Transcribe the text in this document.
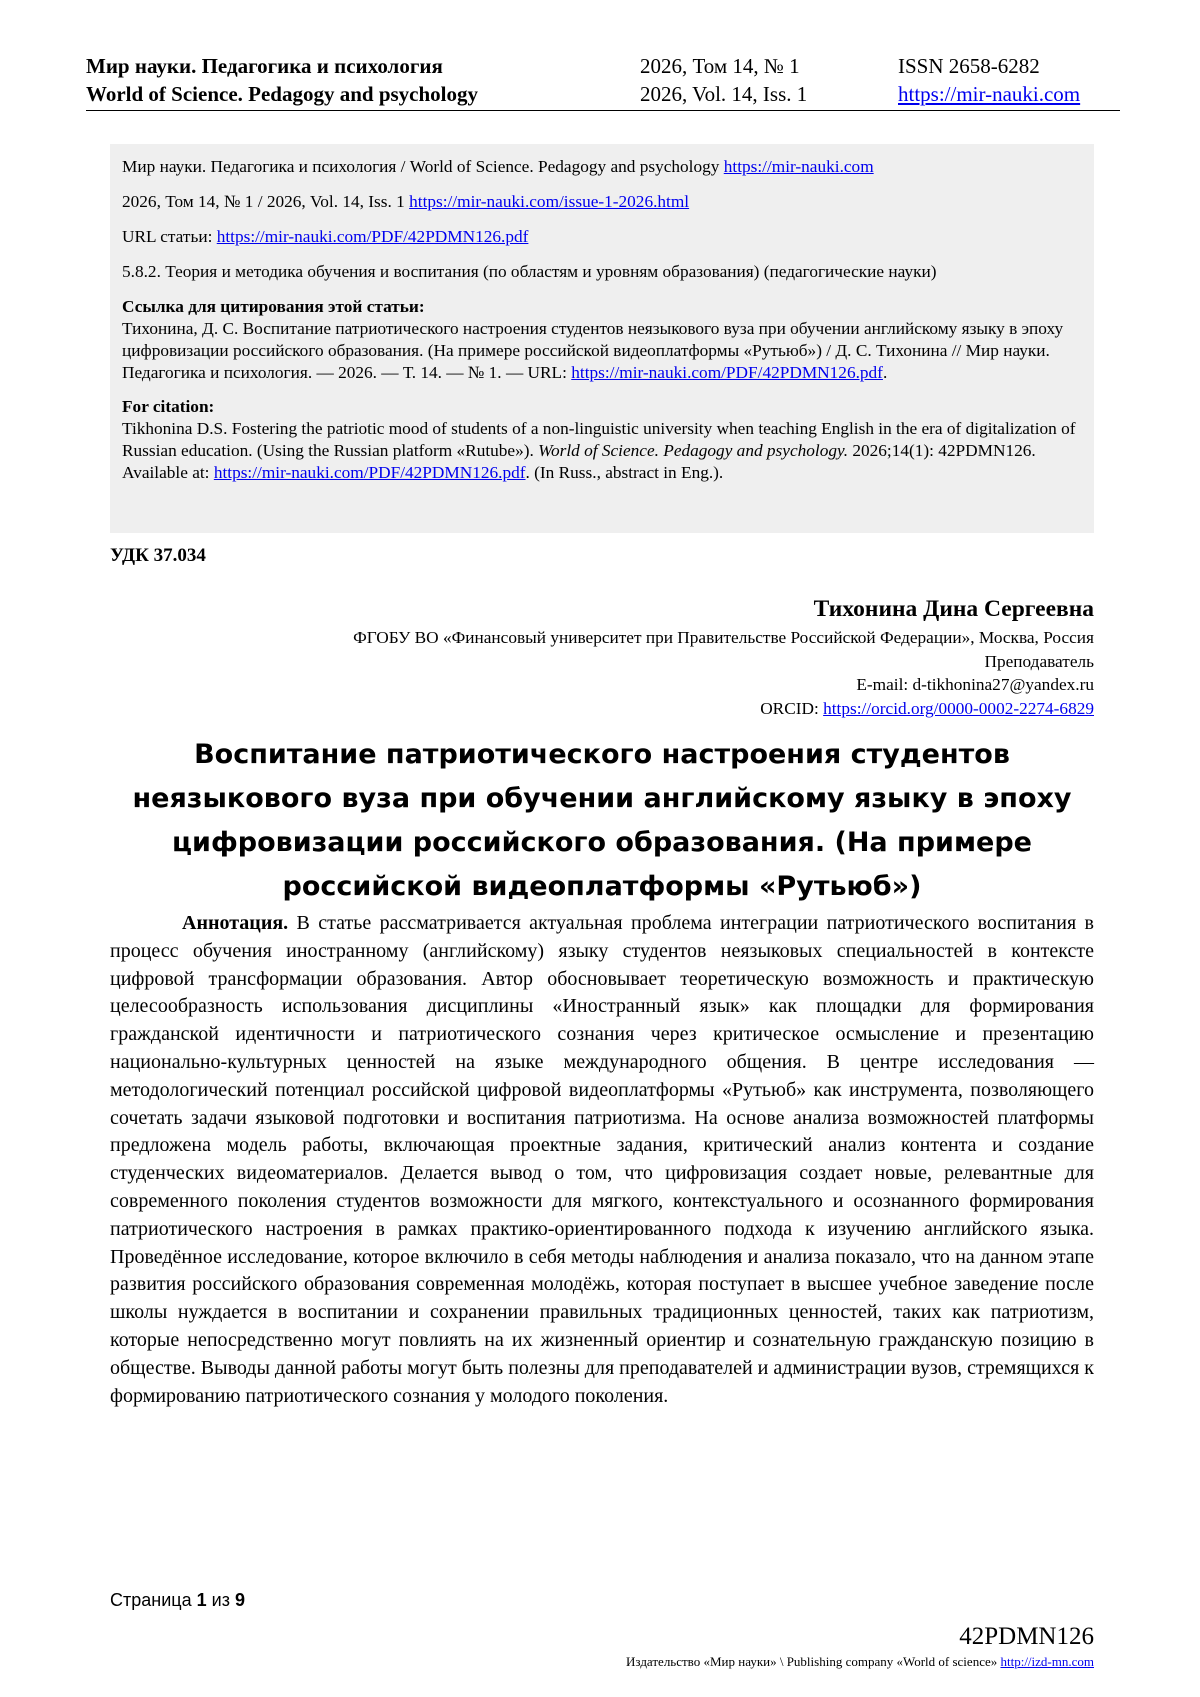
Мир науки. Педагогика и психология
World of Science. Pedagogy and psychology
2026, Том 14, № 1
2026, Vol. 14, Iss. 1
ISSN 2658-6282
https://mir-nauki.com

Мир науки. Педагогика и психология / World of Science. Pedagogy and psychology https://mir-nauki.com

2026, Том 14, № 1 / 2026, Vol. 14, Iss. 1 https://mir-nauki.com/issue-1-2026.html

URL статьи: https://mir-nauki.com/PDF/42PDMN126.pdf

5.8.2. Теория и методика обучения и воспитания (по областям и уровням образования) (педагогические науки)

Ссылка для цитирования этой статьи:
Тихонина, Д. С. Воспитание патриотического настроения студентов неязыкового вуза при обучении английскому языку в эпоху цифровизации российского образования. (На примере российской видеоплатформы «Рутьюб») / Д. С. Тихонина // Мир науки. Педагогика и психология. — 2026. — Т. 14. — № 1. — URL: https://mir-nauki.com/PDF/42PDMN126.pdf.
For citation:
Tikhonina D.S. Fostering the patriotic mood of students of a non-linguistic university when teaching English in the era of digitalization of Russian education. (Using the Russian platform «Rutube»). World of Science. Pedagogy and psychology. 2026;14(1): 42PDMN126. Available at: https://mir-nauki.com/PDF/42PDMN126.pdf. (In Russ., abstract in Eng.).
УДК 37.034
Тихонина Дина Сергеевна
ФГОБУ ВО «Финансовый университет при Правительстве Российской Федерации», Москва, Россия
Преподаватель
E-mail: d-tikhonina27@yandex.ru
ORCID: https://orcid.org/0000-0002-2274-6829
Воспитание патриотического настроения студентов неязыкового вуза при обучении английскому языку в эпоху цифровизации российского образования. (На примере российской видеоплатформы «Рутьюб»)

Аннотация. В статье рассматривается актуальная проблема интеграции патриотического воспитания в процесс обучения иностранному (английскому) языку студентов неязыковых специальностей в контексте цифровой трансформации образования. Автор обосновывает теоретическую возможность и практическую целесообразность использования дисциплины «Иностранный язык» как площадки для формирования гражданской идентичности и патриотического сознания через критическое осмысление и презентацию национально-культурных ценностей на языке международного общения. В центре исследования — методологический потенциал российской цифровой видеоплатформы «Рутьюб» как инструмента, позволяющего сочетать задачи языковой подготовки и воспитания патриотизма. На основе анализа возможностей платформы предложена модель работы, включающая проектные задания, критический анализ контента и создание студенческих видеоматериалов. Делается вывод о том, что цифровизация создает новые, релевантные для современного поколения студентов возможности для мягкого, контекстуального и осознанного формирования патриотического настроения в рамках практико-ориентированного подхода к изучению английского языка. Проведённое исследование, которое включило в себя методы наблюдения и анализа показало, что на данном этапе развития российского образования современная молодёжь, которая поступает в высшее учебное заведение после школы нуждается в воспитании и сохранении правильных традиционных ценностей, таких как патриотизм, которые непосредственно могут повлиять на их жизненный ориентир и сознательную гражданскую позицию в обществе. Выводы данной работы могут быть полезны для преподавателей и администрации вузов, стремящихся к формированию патриотического сознания у молодого поколения.

Страница 1 из 9
42PDMN126
Издательство «Мир науки» \ Publishing company «World of science» http://izd-mn.com
